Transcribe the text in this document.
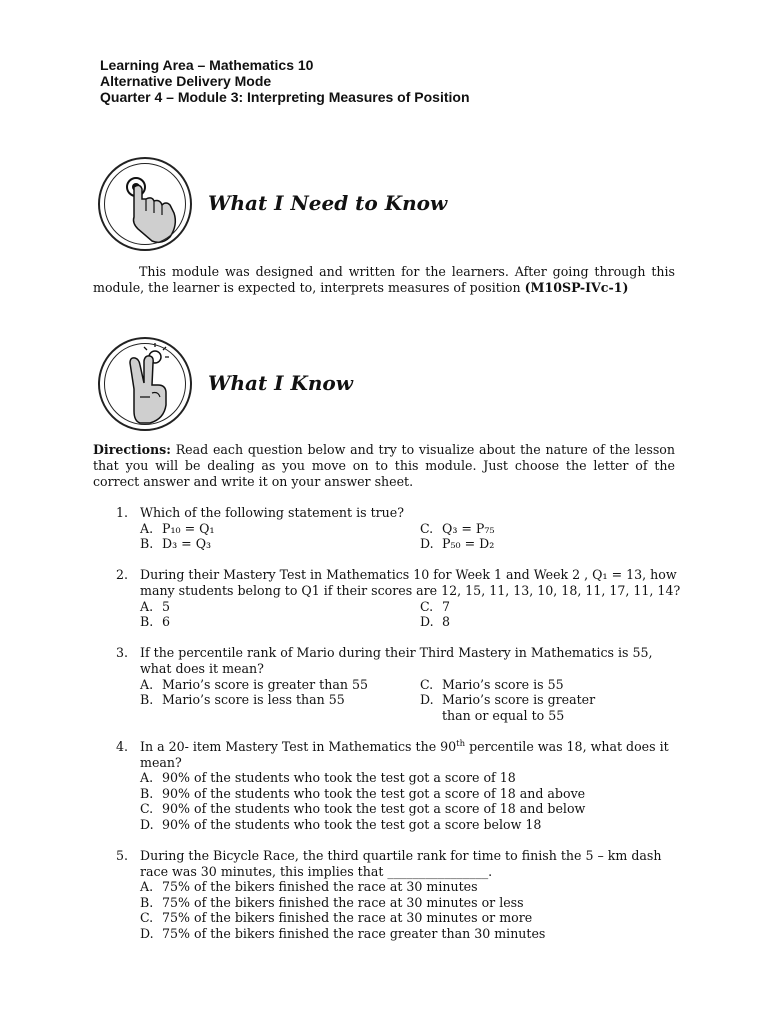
Learning Area – Mathematics 10
Alternative Delivery Mode
Quarter 4 – Module 3: Interpreting Measures of Position
What I Need to Know
This module was designed and written for the learners. After going through this module, the learner is expected to, interprets measures of position (M10SP-IVc-1)
What I Know
Directions: Read each question below and try to visualize about the nature of the lesson that you will be dealing as you move on to this module. Just choose the letter of the correct answer and write it on your answer sheet.
1. Which of the following statement is true?
A. P₁₀ = Q₁	C. Q₃ = P₇₅
B. D₃ = Q₃	D. P₅₀ = D₂
2. During their Mastery Test in Mathematics 10 for Week 1 and Week 2 , Q₁ = 13, how many students belong to Q1 if their scores are 12, 15, 11, 13, 10, 18, 11, 17, 11, 14?
A. 5	C. 7
B. 6	D. 8
3. If the percentile rank of Mario during their Third Mastery in Mathematics is 55, what does it mean?
A. Mario’s score is greater than 55	C. Mario’s score is 55
B. Mario’s score is less than 55	D. Mario’s score is greater than or equal to 55
4. In a 20- item Mastery Test in Mathematics the 90th percentile was 18, what does it mean?
A. 90% of the students who took the test got a score of 18
B. 90% of the students who took the test got a score of 18 and above
C. 90% of the students who took the test got a score of 18 and below
D. 90% of the students who took the test got a score below 18
5. During the Bicycle Race, the third quartile rank for time to finish the 5 – km dash race was 30 minutes, this implies that ________________.
A. 75% of the bikers finished the race at 30 minutes
B. 75% of the bikers finished the race at 30 minutes or less
C. 75% of the bikers finished the race at 30 minutes or more
D. 75% of the bikers finished the race greater than 30 minutes
